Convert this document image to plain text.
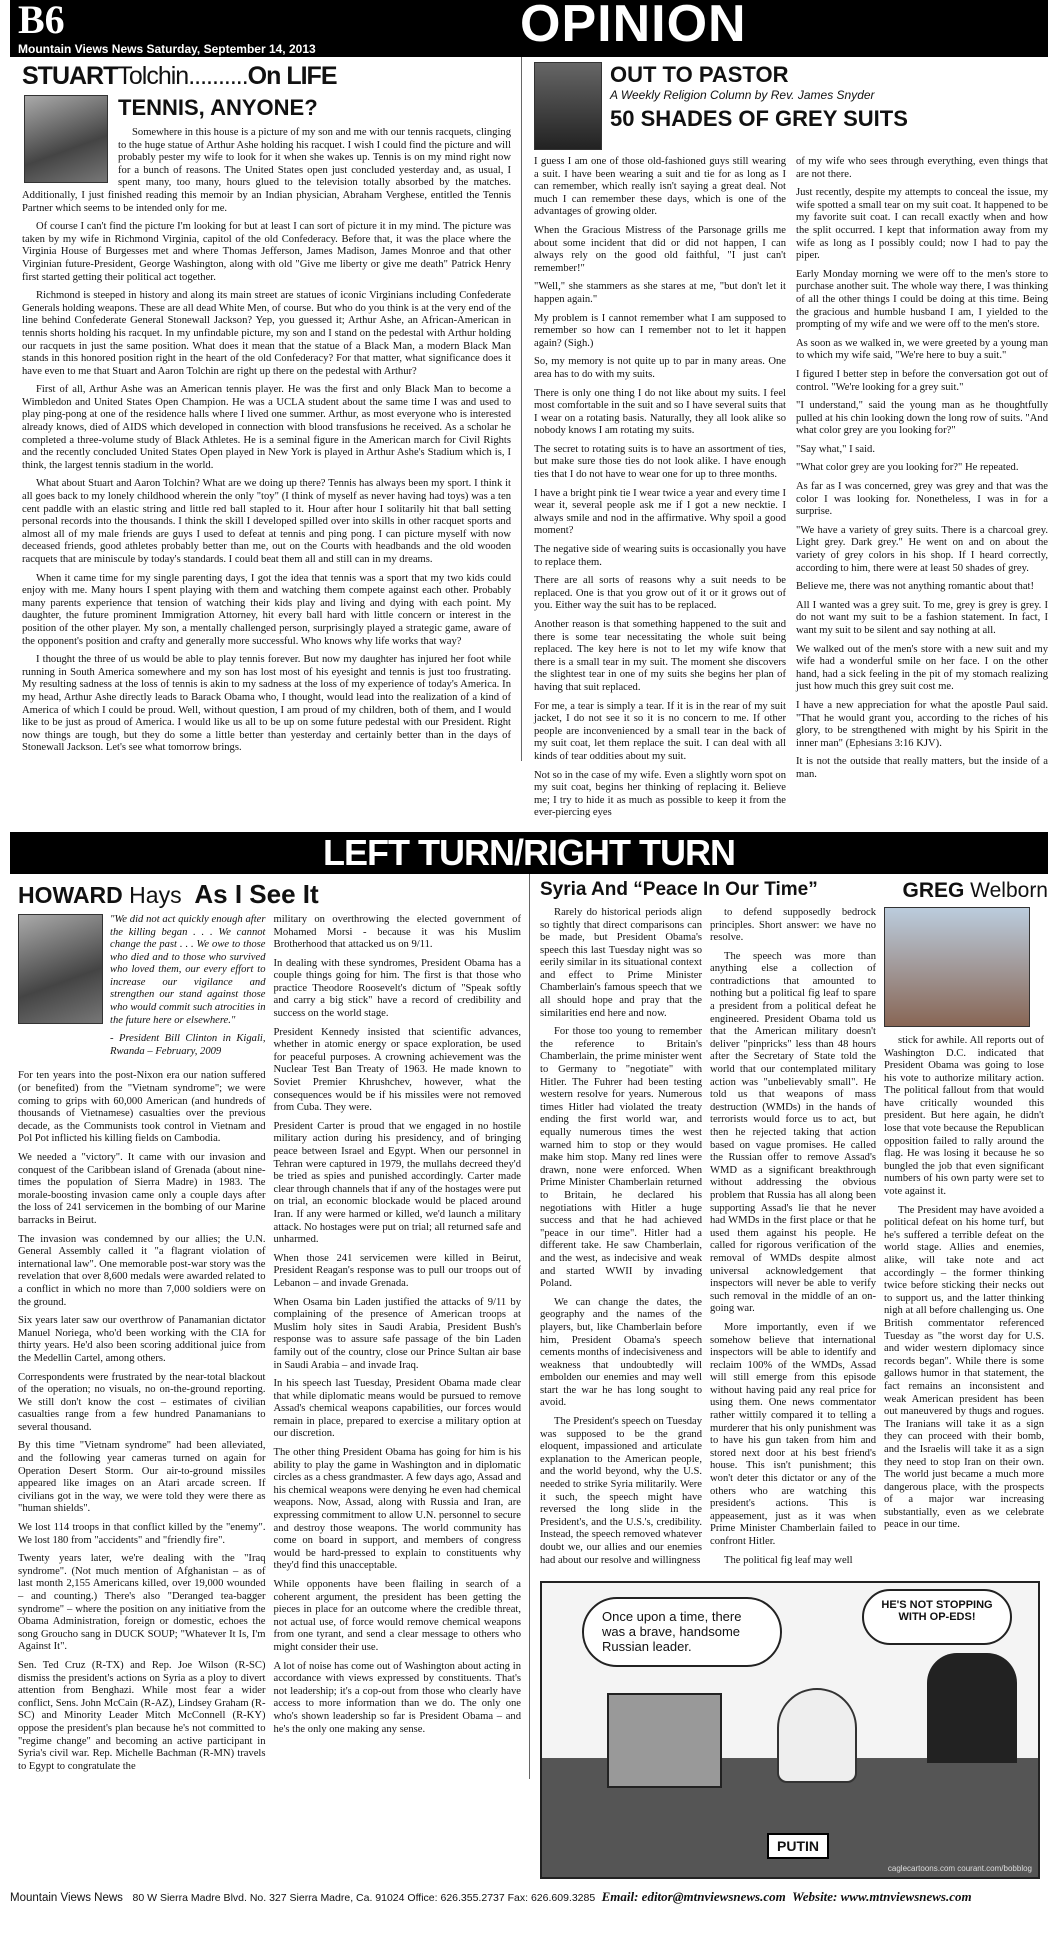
B6
Mountain Views News Saturday, September 14, 2013	OPINION
STUARTTolchin..........On LIFE
TENNIS, ANYONE?

Somewhere in this house is a picture of my son and me with our tennis racquets, clinging to the huge statue of Arthur Ashe holding his racquet. I wish I could find the picture and will probably pester my wife to look for it when she wakes up. Tennis is on my mind right now for a bunch of reasons. The United States open just concluded yesterday and, as usual, I spent many, too many, hours glued to the television totally absorbed by the matches. Additionally, I just finished reading this memoir by an Indian physician, Abraham Verghese, entitled the Tennis Partner which seems to be intended only for me.

Of course I can't find the picture I'm looking for but at least I can sort of picture it in my mind. The picture was taken by my wife in Richmond Virginia, capitol of the old Confederacy. Before that, it was the place where the Virginia House of Burgesses met and where Thomas Jefferson, James Madison, James Monroe and that other Virginian future-President, George Washington, along with old "Give me liberty or give me death" Patrick Henry first started getting their political act together.

Richmond is steeped in history and along its main street are statues of iconic Virginians including Confederate Generals holding weapons. These are all dead White Men, of course. But who do you think is at the very end of the line behind Confederate General Stonewall Jackson? Yep, you guessed it; Arthur Ashe, an African-American in tennis shorts holding his racquet. In my unfindable picture, my son and I stand on the pedestal with Arthur holding our racquets in just the same position. What does it mean that the statue of a Black Man, a modern Black Man stands in this honored position right in the heart of the old Confederacy? For that matter, what significance does it have even to me that Stuart and Aaron Tolchin are right up there on the pedestal with Arthur?

First of all, Arthur Ashe was an American tennis player. He was the first and only Black Man to become a Wimbledon and United States Open Champion. He was a UCLA student about the same time I was and used to play ping-pong at one of the residence halls where I lived one summer. Arthur, as most everyone who is interested already knows, died of AIDS which developed in connection with blood transfusions he received. As a scholar he completed a three-volume study of Black Athletes. He is a seminal figure in the American march for Civil Rights and the recently concluded United States Open played in New York is played in Arthur Ashe's Stadium which is, I think, the largest tennis stadium in the world.

What about Stuart and Aaron Tolchin? What are we doing up there? Tennis has always been my sport. I think it all goes back to my lonely childhood wherein the only "toy" (I think of myself as never having had toys) was a ten cent paddle with an elastic string and little red ball stapled to it. Hour after hour I solitarily hit that ball setting personal records into the thousands. I think the skill I developed spilled over into skills in other racquet sports and almost all of my male friends are guys I used to defeat at tennis and ping pong. I can picture myself with now deceased friends, good athletes probably better than me, out on the Courts with headbands and the old wooden racquets that are miniscule by today's standards. I could beat them all and still can in my dreams.

When it came time for my single parenting days, I got the idea that tennis was a sport that my two kids could enjoy with me. Many hours I spent playing with them and watching them compete against each other. Probably many parents experience that tension of watching their kids play and living and dying with each point. My daughter, the future prominent Immigration Attorney, hit every ball hard with little concern or interest in the position of the other player. My son, a mentally challenged person, surprisingly played a strategic game, aware of the opponent's position and crafty and generally more successful. Who knows why life works that way?

I thought the three of us would be able to play tennis forever. But now my daughter has injured her foot while running in South America somewhere and my son has lost most of his eyesight and tennis is just too frustrating. My resulting sadness at the loss of tennis is akin to my sadness at the loss of my experience of today's America. In my head, Arthur Ashe directly leads to Barack Obama who, I thought, would lead into the realization of a kind of America of which I could be proud. Well, without question, I am proud of my children, both of them, and I would like to be just as proud of America. I would like us all to be up on some future pedestal with our President. Right now things are tough, but they do some a little better than yesterday and certainly better than in the days of Stonewall Jackson. Let's see what tomorrow brings.

OUT TO PASTOR
A Weekly Religion Column by Rev. James Snyder
50 SHADES OF GREY SUITS

I guess I am one of those old-fashioned guys still wearing a suit. I have been wearing a suit and tie for as long as I can remember, which really isn't saying a great deal. Not much I can remember these days, which is one of the advantages of growing older.

When the Gracious Mistress of the Parsonage grills me about some incident that did or did not happen, I can always rely on the good old faithful, "I just can't remember!"

"Well," she stammers as she stares at me, "but don't let it happen again."

My problem is I cannot remember what I am supposed to remember so how can I remember not to let it happen again? (Sigh.)

So, my memory is not quite up to par in many areas. One area has to do with my suits.

There is only one thing I do not like about my suits. I feel most comfortable in the suit and so I have several suits that I wear on a rotating basis. Naturally, they all look alike so nobody knows I am rotating my suits.

The secret to rotating suits is to have an assortment of ties, but make sure those ties do not look alike. I have enough ties that I do not have to wear one for up to three months.

I have a bright pink tie I wear twice a year and every time I wear it, several people ask me if I got a new necktie. I always smile and nod in the affirmative. Why spoil a good moment?

The negative side of wearing suits is occasionally you have to replace them.

There are all sorts of reasons why a suit needs to be replaced. One is that you grow out of it or it grows out of you. Either way the suit has to be replaced.

Another reason is that something happened to the suit and there is some tear necessitating the whole suit being replaced. The key here is not to let my wife know that there is a small tear in my suit. The moment she discovers the slightest tear in one of my suits she begins her plan of having that suit replaced.

For me, a tear is simply a tear. If it is in the rear of my suit jacket, I do not see it so it is no concern to me. If other people are inconvenienced by a small tear in the back of my suit coat, let them replace the suit. I can deal with all kinds of tear oddities about my suit.

Not so in the case of my wife. Even a slightly worn spot on my suit coat, begins her thinking of replacing it. Believe me; I try to hide it as much as possible to keep it from the ever-piercing eyes

of my wife who sees through everything, even things that are not there.

Just recently, despite my attempts to conceal the issue, my wife spotted a small tear on my suit coat. It happened to be my favorite suit coat. I can recall exactly when and how the split occurred. I kept that information away from my wife as long as I possibly could; now I had to pay the piper.

Early Monday morning we were off to the men's store to purchase another suit. The whole way there, I was thinking of all the other things I could be doing at this time. Being the gracious and humble husband I am, I yielded to the prompting of my wife and we were off to the men's store.

As soon as we walked in, we were greeted by a young man to which my wife said, "We're here to buy a suit."

I figured I better step in before the conversation got out of control. "We're looking for a grey suit."

"I understand," said the young man as he thoughtfully pulled at his chin looking down the long row of suits. "And what color grey are you looking for?"

"Say what," I said.

"What color grey are you looking for?" He repeated.

As far as I was concerned, grey was grey and that was the color I was looking for. Nonetheless, I was in for a surprise.

"We have a variety of grey suits. There is a charcoal grey. Light grey. Dark grey." He went on and on about the variety of grey colors in his shop. If I heard correctly, according to him, there were at least 50 shades of grey.

Believe me, there was not anything romantic about that!

All I wanted was a grey suit. To me, grey is grey is grey. I do not want my suit to be a fashion statement. In fact, I want my suit to be silent and say nothing at all.

We walked out of the men's store with a new suit and my wife had a wonderful smile on her face. I on the other hand, had a sick feeling in the pit of my stomach realizing just how much this grey suit cost me.

I have a new appreciation for what the apostle Paul said. "That he would grant you, according to the riches of his glory, to be strengthened with might by his Spirit in the inner man" (Ephesians 3:16 KJV).

It is not the outside that really matters, but the inside of a man.

LEFT TURN/RIGHT TURN
HOWARD Hays As I See It

"We did not act quickly enough after the killing began . . . We cannot change the past . . . We owe to those who died and to those who survived who loved them, our every effort to increase our vigilance and strengthen our stand against those who would commit such atrocities in the future here or elsewhere."

- President Bill Clinton in Kigali, Rwanda – February, 2009

For ten years into the post-Nixon era our nation suffered (or benefited) from the "Vietnam syndrome"; we were coming to grips with 60,000 American (and hundreds of thousands of Vietnamese) casualties over the previous decade, as the Communists took control in Vietnam and Pol Pot inflicted his killing fields on Cambodia.

We needed a "victory". It came with our invasion and conquest of the Caribbean island of Grenada (about nine-times the population of Sierra Madre) in 1983. The morale-boosting invasion came only a couple days after the loss of 241 servicemen in the bombing of our Marine barracks in Beirut.

The invasion was condemned by our allies; the U.N. General Assembly called it "a flagrant violation of international law". One memorable post-war story was the revelation that over 8,600 medals were awarded related to a conflict in which no more than 7,000 soldiers were on the ground.

Six years later saw our overthrow of Panamanian dictator Manuel Noriega, who'd been working with the CIA for thirty years. He'd also been scoring additional juice from the Medellin Cartel, among others.

Correspondents were frustrated by the near-total blackout of the operation; no visuals, no on-the-ground reporting. We still don't know the cost – estimates of civilian casualties range from a few hundred Panamanians to several thousand.

By this time "Vietnam syndrome" had been alleviated, and the following year cameras turned on again for Operation Desert Storm. Our air-to-ground missiles appeared like images on an Atari arcade screen. If civilians got in the way, we were told they were there as "human shields".

We lost 114 troops in that conflict killed by the "enemy". We lost 180 from "accidents" and "friendly fire".

Twenty years later, we're dealing with the "Iraq syndrome". (Not much mention of Afghanistan – as of last month 2,155 Americans killed, over 19,000 wounded – and counting.) There's also "Deranged tea-bagger syndrome" – where the position on any initiative from the Obama Administration, foreign or domestic, echoes the song Groucho sang in DUCK SOUP; "Whatever It Is, I'm Against It".

Sen. Ted Cruz (R-TX) and Rep. Joe Wilson (R-SC) dismiss the president's actions on Syria as a ploy to divert attention from Benghazi. While most fear a wider conflict, Sens. John McCain (R-AZ), Lindsey Graham (R-SC) and Minority Leader Mitch McConnell (R-KY) oppose the president's plan because he's not committed to "regime change" and becoming an active participant in Syria's civil war. Rep. Michelle Bachman (R-MN) travels to Egypt to congratulate the

military on overthrowing the elected government of Mohamed Morsi - because it was his Muslim Brotherhood that attacked us on 9/11.

In dealing with these syndromes, President Obama has a couple things going for him. The first is that those who practice Theodore Roosevelt's dictum of "Speak softly and carry a big stick" have a record of credibility and success on the world stage.

President Kennedy insisted that scientific advances, whether in atomic energy or space exploration, be used for peaceful purposes. A crowning achievement was the Nuclear Test Ban Treaty of 1963. He made known to Soviet Premier Khrushchev, however, what the consequences would be if his missiles were not removed from Cuba. They were.

President Carter is proud that we engaged in no hostile military action during his presidency, and of bringing peace between Israel and Egypt. When our personnel in Tehran were captured in 1979, the mullahs decreed they'd be tried as spies and punished accordingly. Carter made clear through channels that if any of the hostages were put on trial, an economic blockade would be placed around Iran. If any were harmed or killed, we'd launch a military attack. No hostages were put on trial; all returned safe and unharmed.

When those 241 servicemen were killed in Beirut, President Reagan's response was to pull our troops out of Lebanon – and invade Grenada.

When Osama bin Laden justified the attacks of 9/11 by complaining of the presence of American troops at Muslim holy sites in Saudi Arabia, President Bush's response was to assure safe passage of the bin Laden family out of the country, close our Prince Sultan air base in Saudi Arabia – and invade Iraq.

In his speech last Tuesday, President Obama made clear that while diplomatic means would be pursued to remove Assad's chemical weapons capabilities, our forces would remain in place, prepared to exercise a military option at our discretion.

The other thing President Obama has going for him is his ability to play the game in Washington and in diplomatic circles as a chess grandmaster. A few days ago, Assad and his chemical weapons were denying he even had chemical weapons. Now, Assad, along with Russia and Iran, are expressing commitment to allow U.N. personnel to secure and destroy those weapons. The world community has come on board in support, and members of congress would be hard-pressed to explain to constituents why they'd find this unacceptable.

While opponents have been flailing in search of a coherent argument, the president has been getting the pieces in place for an outcome where the credible threat, not actual use, of force would remove chemical weapons from one tyrant, and send a clear message to others who might consider their use.

A lot of noise has come out of Washington about acting in accordance with views expressed by constituents. That's not leadership; it's a cop-out from those who clearly have access to more information than we do. The only one who's shown leadership so far is President Obama – and he's the only one making any sense.

Syria And “Peace In Our Time”	GREG Welborn

Rarely do historical periods align so tightly that direct comparisons can be made, but President Obama's speech this last Tuesday night was so eerily similar in its situational context and effect to Prime Minister Chamberlain's famous speech that we all should hope and pray that the similarities end here and now.

For those too young to remember the reference to Britain's Chamberlain, the prime minister went to Germany to "negotiate" with Hitler. The Fuhrer had been testing western resolve for years. Numerous times Hitler had violated the treaty ending the first world war, and equally numerous times the west warned him to stop or they would make him stop. Many red lines were drawn, none were enforced. When Prime Minister Chamberlain returned to Britain, he declared his negotiations with Hitler a huge success and that he had achieved "peace in our time". Hitler had a different take. He saw Chamberlain, and the west, as indecisive and weak and started WWII by invading Poland.

We can change the dates, the geography and the names of the players, but, like Chamberlain before him, President Obama's speech cements months of indecisiveness and weakness that undoubtedly will embolden our enemies and may well start the war he has long sought to avoid.

The President's speech on Tuesday was supposed to be the grand eloquent, impassioned and articulate explanation to the American people, and the world beyond, why the U.S. needed to strike Syria militarily. Were it such, the speech might have reversed the long slide in the President's, and the U.S.'s, credibility. Instead, the speech removed whatever doubt we, our allies and our enemies had about our resolve and willingness

to defend supposedly bedrock principles. Short answer: we have no resolve.

The speech was more than anything else a collection of contradictions that amounted to nothing but a political fig leaf to spare a president from a political defeat he engineered. President Obama told us that the American military doesn't deliver "pinpricks" less than 48 hours after the Secretary of State told the world that our contemplated military action was "unbelievably small". He told us that weapons of mass destruction (WMDs) in the hands of terrorists would force us to act, but then he rejected taking that action based on vague promises. He called the Russian offer to remove Assad's WMD as a significant breakthrough without addressing the obvious problem that Russia has all along been supporting Assad's lie that he never had WMDs in the first place or that he used them against his people. He called for rigorous verification of the removal of WMDs despite almost universal acknowledgement that inspectors will never be able to verify such removal in the middle of an on-going war.

More importantly, even if we somehow believe that international inspectors will be able to identify and reclaim 100% of the WMDs, Assad will still emerge from this episode without having paid any real price for using them. One news commentator rather wittily compared it to telling a murderer that his only punishment was to have his gun taken from him and stored next door at his best friend's house. This isn't punishment; this won't deter this dictator or any of the others who are watching this president's actions. This is appeasement, just as it was when Prime Minister Chamberlain failed to confront Hitler.

The political fig leaf may well

stick for awhile. All reports out of Washington D.C. indicated that President Obama was going to lose his vote to authorize military action. The political fallout from that would have critically wounded this president. But here again, he didn't lose that vote because the Republican opposition failed to rally around the flag. He was losing it because he so bungled the job that even significant numbers of his own party were set to vote against it.

The President may have avoided a political defeat on his home turf, but he's suffered a terrible defeat on the world stage. Allies and enemies, alike, will take note and act accordingly – the former thinking twice before sticking their necks out to support us, and the latter thinking nigh at all before challenging us. One British commentator referenced Tuesday as "the worst day for U.S. and wider western diplomacy since records began". While there is some gallows humor in that statement, the fact remains an inconsistent and weak American president has been out maneuvered by thugs and rogues. The Iranians will take it as a sign they can proceed with their bomb, and the Israelis will take it as a sign they need to stop Iran on their own. The world just became a much more dangerous place, with the prospects of a major war increasing substantially, even as we celebrate peace in our time.

Once upon a time, there was a brave, handsome Russian leader.
HE'S NOT STOPPING WITH OP-EDS!
PUTIN
caglecartoons.com courant.com/bobblog
Mountain Views News 80 W Sierra Madre Blvd. No. 327 Sierra Madre, Ca. 91024 Office: 626.355.2737 Fax: 626.609.3285 Email: editor@mtnviewsnews.com Website: www.mtnviewsnews.com
